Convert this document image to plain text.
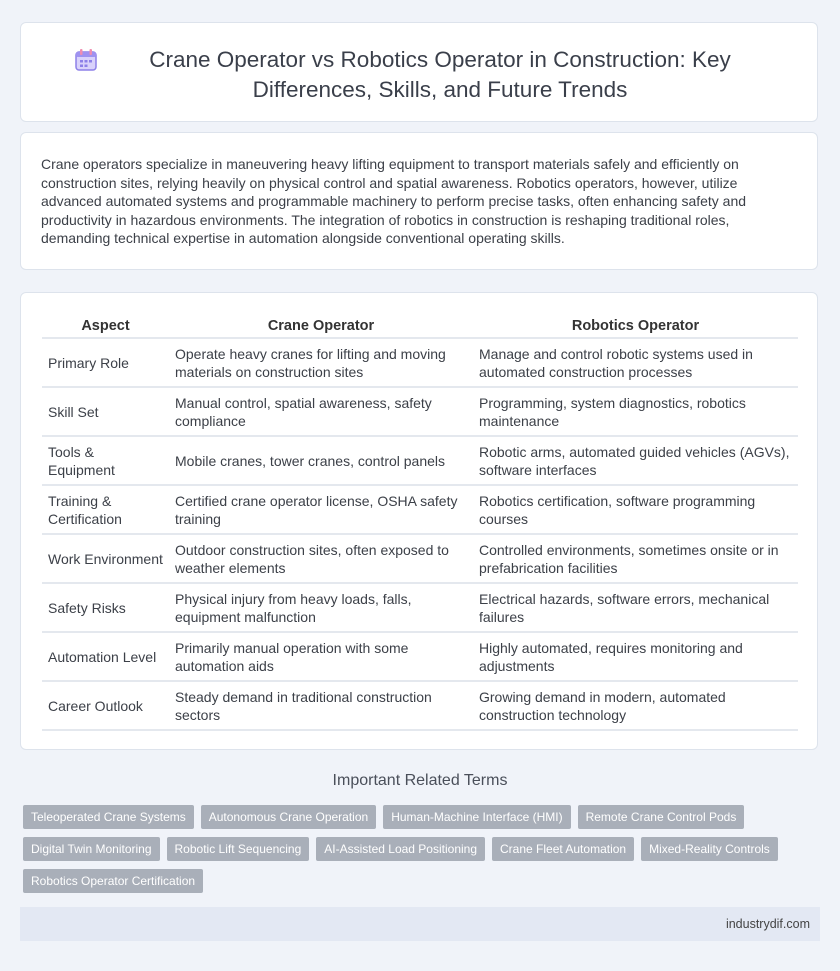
Crane Operator vs Robotics Operator in Construction: Key Differences, Skills, and Future Trends

Crane operators specialize in maneuvering heavy lifting equipment to transport materials safely and efficiently on construction sites, relying heavily on physical control and spatial awareness. Robotics operators, however, utilize advanced automated systems and programmable machinery to perform precise tasks, often enhancing safety and productivity in hazardous environments. The integration of robotics in construction is reshaping traditional roles, demanding technical expertise in automation alongside conventional operating skills.

Aspect	Crane Operator	Robotics Operator
Primary Role	Operate heavy cranes for lifting and moving materials on construction sites	Manage and control robotic systems used in automated construction processes
Skill Set	Manual control, spatial awareness, safety compliance	Programming, system diagnostics, robotics maintenance
Tools & Equipment	Mobile cranes, tower cranes, control panels	Robotic arms, automated guided vehicles (AGVs), software interfaces
Training & Certification	Certified crane operator license, OSHA safety training	Robotics certification, software programming courses
Work Environment	Outdoor construction sites, often exposed to weather elements	Controlled environments, sometimes onsite or in prefabrication facilities
Safety Risks	Physical injury from heavy loads, falls, equipment malfunction	Electrical hazards, software errors, mechanical failures
Automation Level	Primarily manual operation with some automation aids	Highly automated, requires monitoring and adjustments
Career Outlook	Steady demand in traditional construction sectors	Growing demand in modern, automated construction technology
Important Related Terms
Teleoperated Crane Systems	Autonomous Crane Operation	Human-Machine Interface (HMI)	Remote Crane Control Pods
Digital Twin Monitoring	Robotic Lift Sequencing	AI-Assisted Load Positioning	Crane Fleet Automation	Mixed-Reality Controls
Robotics Operator Certification
industrydif.com
